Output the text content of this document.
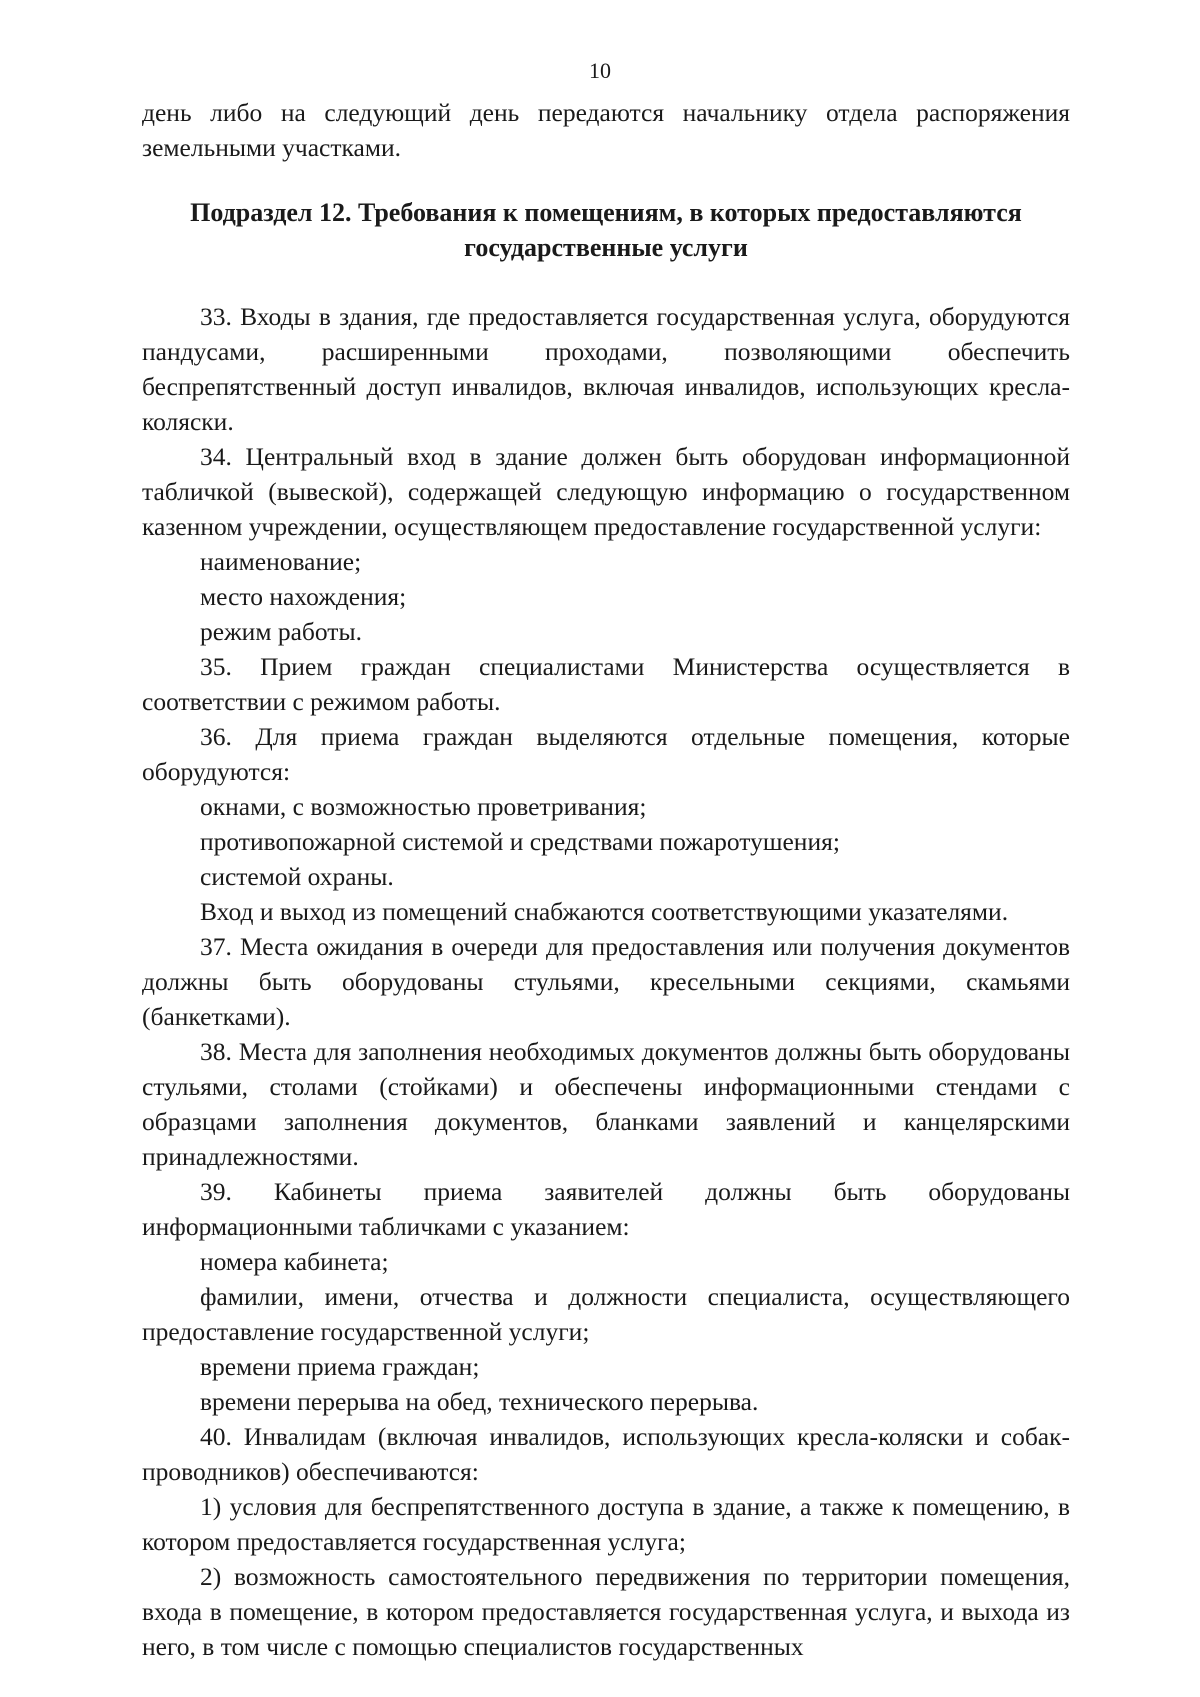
10

день либо на следующий день передаются начальнику отдела распоряжения земельными участками.

Подраздел 12. Требования к помещениям, в которых предоставляются
государственные услуги

33. Входы в здания, где предоставляется государственная услуга, оборудуются пандусами, расширенными проходами, позволяющими обеспечить беспрепятственный доступ инвалидов, включая инвалидов, использующих кресла-коляски.

34. Центральный вход в здание должен быть оборудован информационной табличкой (вывеской), содержащей следующую информацию о государственном казенном учреждении, осуществляющем предоставление государственной услуги:

наименование;

место нахождения;

режим работы.

35. Прием граждан специалистами Министерства осуществляется в соответствии с режимом работы.

36. Для приема граждан выделяются отдельные помещения, которые оборудуются:

окнами, с возможностью проветривания;

противопожарной системой и средствами пожаротушения;

системой охраны.

Вход и выход из помещений снабжаются соответствующими указателями.

37. Места ожидания в очереди для предоставления или получения документов должны быть оборудованы стульями, кресельными секциями, скамьями (банкетками).

38. Места для заполнения необходимых документов должны быть оборудованы стульями, столами (стойками) и обеспечены информационными стендами с образцами заполнения документов, бланками заявлений и канцелярскими принадлежностями.

39. Кабинеты приема заявителей должны быть оборудованы информационными табличками с указанием:

номера кабинета;

фамилии, имени, отчества и должности специалиста, осуществляющего предоставление государственной услуги;

времени приема граждан;

времени перерыва на обед, технического перерыва.

40. Инвалидам (включая инвалидов, использующих кресла-коляски и собак-проводников) обеспечиваются:

1) условия для беспрепятственного доступа в здание, а также к помещению, в котором предоставляется государственная услуга;

2) возможность самостоятельного передвижения по территории помещения, входа в помещение, в котором предоставляется государственная услуга, и выхода из него, в том числе с помощью специалистов государственных
